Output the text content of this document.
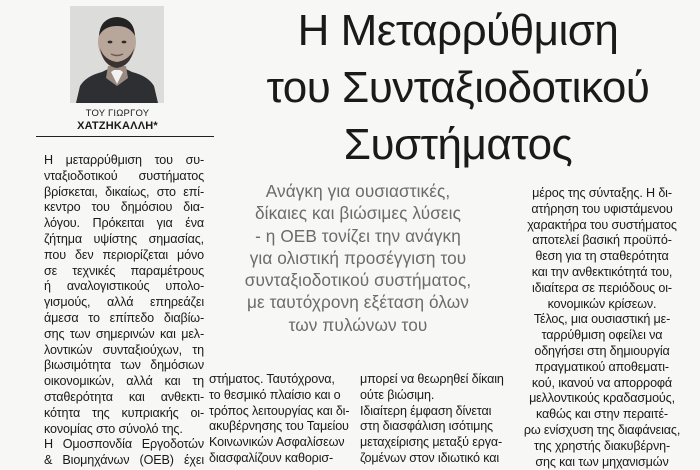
ΤΟΥ ΓΙΩΡΓΟΥ
ΧΑΤΖΗΚΑΛΛΗ*
Η Μεταρρύθμιση
του Συνταξιοδοτικού
Συστήματος
Ανάγκη για ουσιαστικές,
δίκαιες και βιώσιμες λύσεις
- η ΟΕΒ τονίζει την ανάγκη
για ολιστική προσέγγιση του
συνταξιοδοτικού συστήματος,
με ταυτόχρονη εξέταση όλων
των πυλώνων του
Η μεταρρύθμιση του συ-
νταξιοδοτικού συστήματος
βρίσκεται, δικαίως, στο επί-
κεντρο του δημόσιου δια-
λόγου. Πρόκειται για ένα
ζήτημα υψίστης σημασίας,
που δεν περιορίζεται μόνο
σε τεχνικές παραμέτρους
ή αναλογιστικούς υπολο-
γισμούς, αλλά επηρεάζει
άμεσα το επίπεδο διαβίω-
σης των σημερινών και μελ-
λοντικών συνταξιούχων, τη
βιωσιμότητα των δημόσιων
οικονομικών, αλλά και τη
σταθερότητα και ανθεκτι-
κότητα της κυπριακής οι-
κονομίας στο σύνολό της.
Η Ομοσπονδία Εργοδοτών
& Βιομηχάνων (ΟΕΒ) έχει
στήματος. Ταυτόχρονα,
το θεσμικό πλαίσιο και ο
τρόπος λειτουργίας και δι-
ακυβέρνησης του Ταμείου
Κοινωνικών Ασφαλίσεων
διασφαλίζουν καθορισ-
μπορεί να θεωρηθεί δίκαιη
ούτε βιώσιμη.
Ιδιαίτερη έμφαση δίνεται
στη διασφάλιση ισότιμης
μεταχείρισης μεταξύ εργα-
ζομένων στον ιδιωτικό και
μέρος της σύνταξης. Η δι-
ατήρηση του υφιστάμενου
χαρακτήρα του συστήματος
αποτελεί βασική προϋπό-
θεση για τη σταθερότητα
και την ανθεκτικότητά του,
ιδιαίτερα σε περιόδους οι-
κονομικών κρίσεων.
Τέλος, μια ουσιαστική με-
ταρρύθμιση οφείλει να
οδηγήσει στη δημιουργία
πραγματικού αποθεματι-
κού, ικανού να απορροφά
μελλοντικούς κραδασμούς,
καθώς και στην περαιτέ-
ρω ενίσχυση της διαφάνειας,
της χρηστής διακυβέρνη-
σης και των μηχανισμών
